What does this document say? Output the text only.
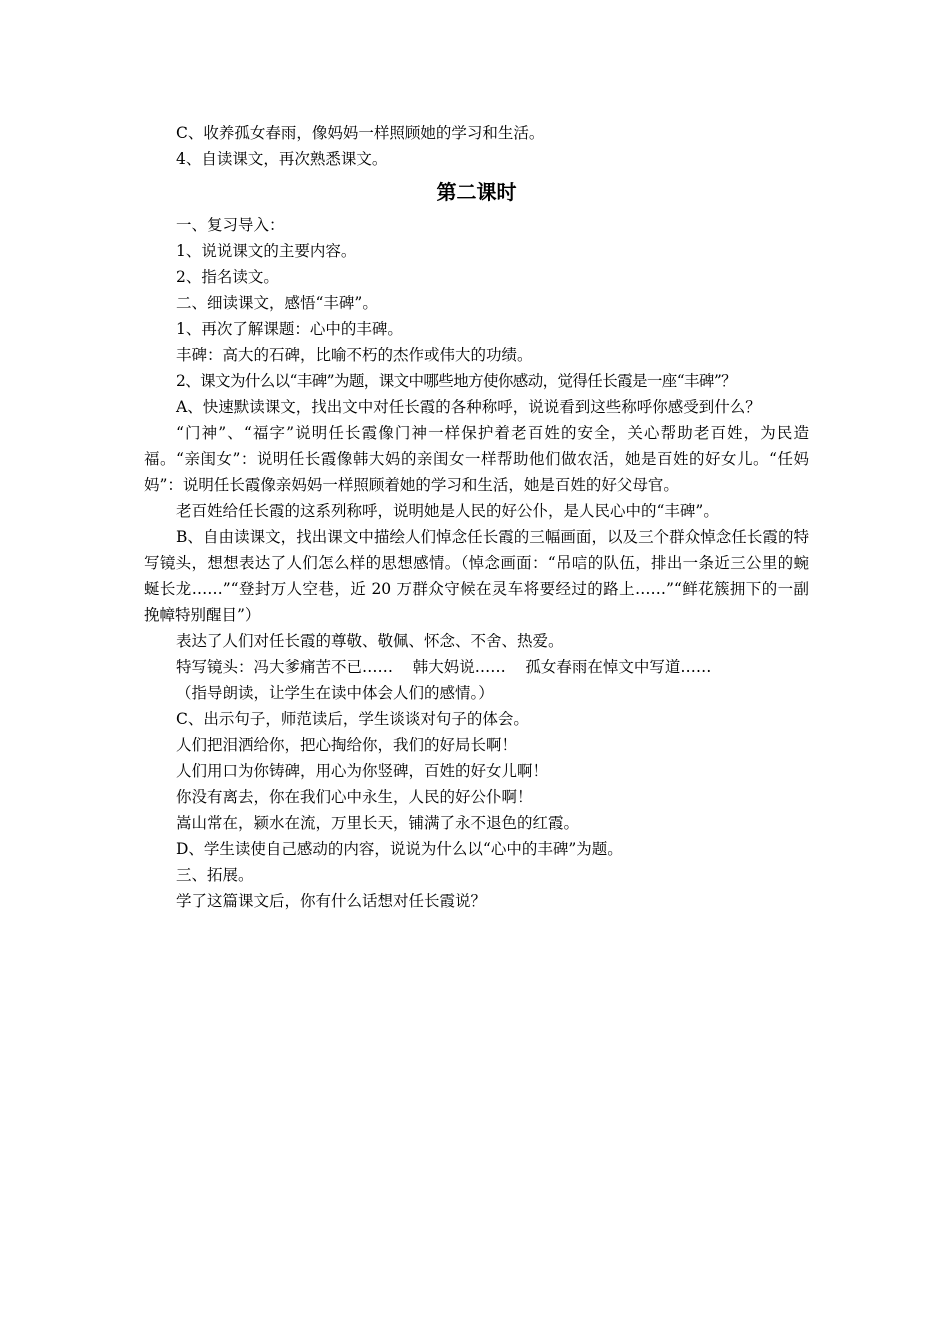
C、收养孤女春雨，像妈妈一样照顾她的学习和生活。
4、自读课文，再次熟悉课文。
第二课时
一、复习导入：
1、说说课文的主要内容。
2、指名读文。
二、细读课文，感悟“丰碑”。
1、再次了解课题：心中的丰碑。
丰碑：高大的石碑，比喻不朽的杰作或伟大的功绩。
2、课文为什么以“丰碑”为题，课文中哪些地方使你感动，觉得任长霞是一座“丰碑”？
A、快速默读课文，找出文中对任长霞的各种称呼，说说看到这些称呼你感受到什么？
“门神”、“福字”说明任长霞像门神一样保护着老百姓的安全，关心帮助老百姓，为民造福。“亲闺女”：说明任长霞像韩大妈的亲闺女一样帮助他们做农活，她是百姓的好女儿。“任妈妈”：说明任长霞像亲妈妈一样照顾着她的学习和生活，她是百姓的好父母官。
老百姓给任长霞的这系列称呼，说明她是人民的好公仆，是人民心中的“丰碑”。
B、自由读课文，找出课文中描绘人们悼念任长霞的三幅画面，以及三个群众悼念任长霞的特写镜头，想想表达了人们怎么样的思想感情。（悼念画面：“吊唁的队伍，排出一条近三公里的蜿蜒长龙……”“登封万人空巷，近 20 万群众守候在灵车将要经过的路上……”“鲜花簇拥下的一副挽幛特别醒目”）
表达了人们对任长霞的尊敬、敬佩、怀念、不舍、热爱。
特写镜头：冯大爹痛苦不已……    韩大妈说……    孤女春雨在悼文中写道……
（指导朗读，让学生在读中体会人们的感情。）
C、出示句子，师范读后，学生谈谈对句子的体会。
人们把泪洒给你，把心掏给你，我们的好局长啊！
人们用口为你铸碑，用心为你竖碑，百姓的好女儿啊！
你没有离去，你在我们心中永生，人民的好公仆啊！
嵩山常在，颍水在流，万里长天，铺满了永不退色的红霞。
D、学生读使自己感动的内容，说说为什么以“心中的丰碑”为题。
三、拓展。
学了这篇课文后，你有什么话想对任长霞说？
